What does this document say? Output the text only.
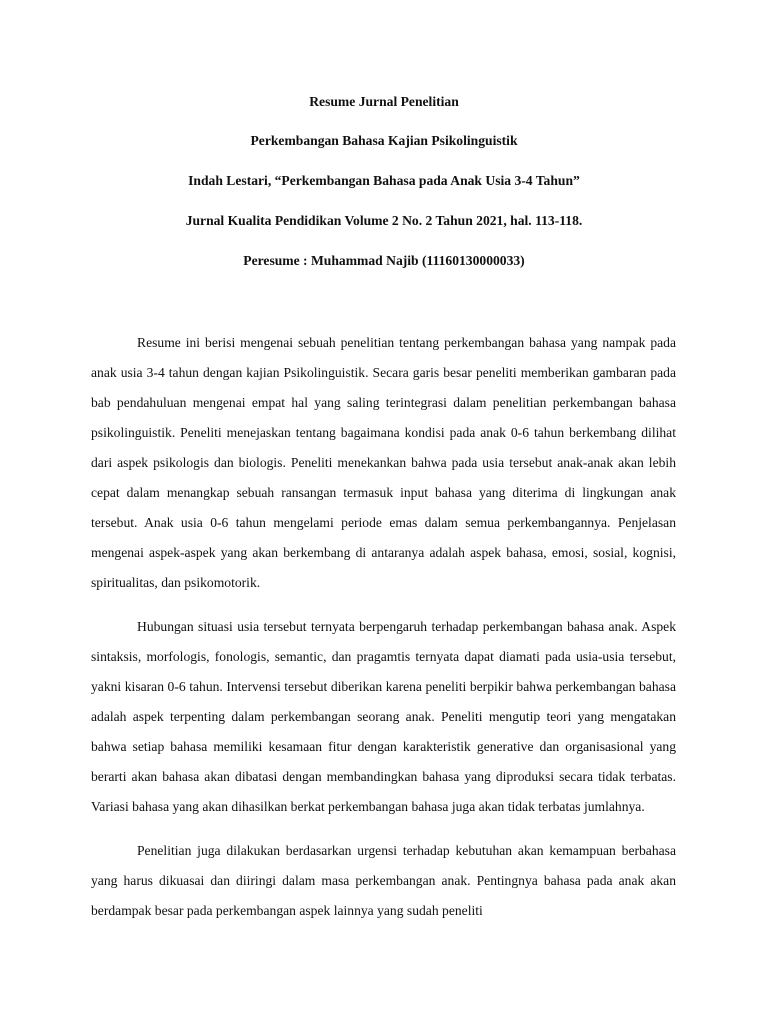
Resume Jurnal Penelitian
Perkembangan Bahasa Kajian Psikolinguistik
Indah Lestari, “Perkembangan Bahasa pada Anak Usia 3-4 Tahun”
Jurnal Kualita Pendidikan Volume 2 No. 2 Tahun 2021, hal. 113-118.
Peresume : Muhammad Najib (11160130000033)

Resume ini berisi mengenai sebuah penelitian tentang perkembangan bahasa yang nampak pada anak usia 3-4 tahun dengan kajian Psikolinguistik. Secara garis besar peneliti memberikan gambaran pada bab pendahuluan mengenai empat hal yang saling terintegrasi dalam penelitian perkembangan bahasa psikolinguistik. Peneliti menejaskan tentang bagaimana kondisi pada anak 0-6 tahun berkembang dilihat dari aspek psikologis dan biologis. Peneliti menekankan bahwa pada usia tersebut anak-anak akan lebih cepat dalam menangkap sebuah ransangan termasuk input bahasa yang diterima di lingkungan anak tersebut. Anak usia 0-6 tahun mengelami periode emas dalam semua perkembangannya. Penjelasan mengenai aspek-aspek yang akan berkembang di antaranya adalah aspek bahasa, emosi, sosial, kognisi, spiritualitas, dan psikomotorik.

Hubungan situasi usia tersebut ternyata berpengaruh terhadap perkembangan bahasa anak. Aspek sintaksis, morfologis, fonologis, semantic, dan pragamtis ternyata dapat diamati pada usia-usia tersebut, yakni kisaran 0-6 tahun. Intervensi tersebut diberikan karena peneliti berpikir bahwa perkembangan bahasa adalah aspek terpenting dalam perkembangan seorang anak. Peneliti mengutip teori yang mengatakan bahwa setiap bahasa memiliki kesamaan fitur dengan karakteristik generative dan organisasional yang berarti akan bahasa akan dibatasi dengan membandingkan bahasa yang diproduksi secara tidak terbatas. Variasi bahasa yang akan dihasilkan berkat perkembangan bahasa juga akan tidak terbatas jumlahnya.

Penelitian juga dilakukan berdasarkan urgensi terhadap kebutuhan akan kemampuan berbahasa yang harus dikuasai dan diiringi dalam masa perkembangan anak. Pentingnya bahasa pada anak akan berdampak besar pada perkembangan aspek lainnya yang sudah peneliti
